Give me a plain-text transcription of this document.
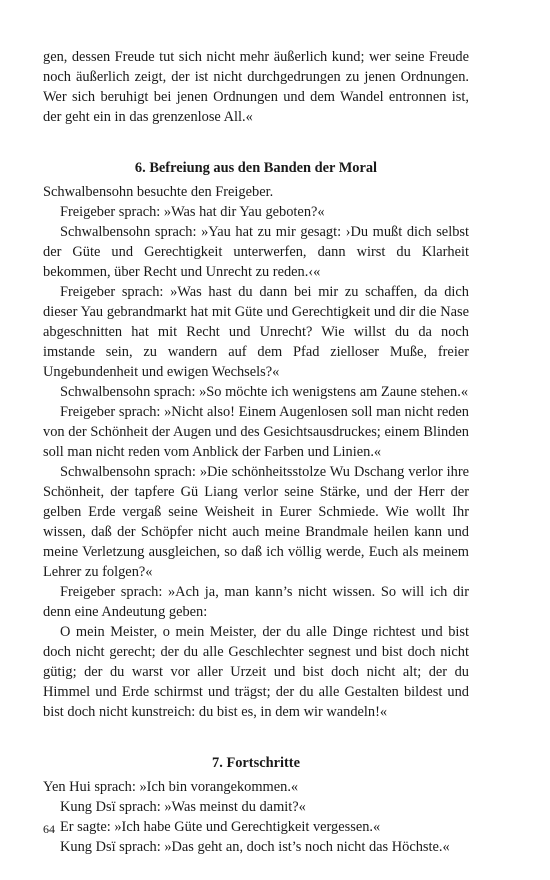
gen, dessen Freude tut sich nicht mehr äußerlich kund; wer seine Freude noch äußerlich zeigt, der ist nicht durchgedrungen zu jenen Ordnungen. Wer sich beruhigt bei jenen Ordnungen und dem Wandel entronnen ist, der geht ein in das grenzenlose All.«

6. Befreiung aus den Banden der Moral

Schwalbensohn besuchte den Freigeber.

Freigeber sprach: »Was hat dir Yau geboten?«

Schwalbensohn sprach: »Yau hat zu mir gesagt: ›Du mußt dich selbst der Güte und Gerechtigkeit unterwerfen, dann wirst du Klarheit bekommen, über Recht und Unrecht zu reden.‹«

Freigeber sprach: »Was hast du dann bei mir zu schaffen, da dich dieser Yau gebrandmarkt hat mit Güte und Gerechtigkeit und dir die Nase abgeschnitten hat mit Recht und Unrecht? Wie willst du da noch imstande sein, zu wandern auf dem Pfad zielloser Muße, freier Ungebundenheit und ewigen Wechsels?«

Schwalbensohn sprach: »So möchte ich wenigstens am Zaune stehen.«

Freigeber sprach: »Nicht also! Einem Augenlosen soll man nicht reden von der Schönheit der Augen und des Gesichtsausdruckes; einem Blinden soll man nicht reden vom Anblick der Farben und Linien.«

Schwalbensohn sprach: »Die schönheitsstolze Wu Dschang verlor ihre Schönheit, der tapfere Gü Liang verlor seine Stärke, und der Herr der gelben Erde vergaß seine Weisheit in Eurer Schmiede. Wie wollt Ihr wissen, daß der Schöpfer nicht auch meine Brandmale heilen kann und meine Verletzung ausgleichen, so daß ich völlig werde, Euch als meinem Lehrer zu folgen?«

Freigeber sprach: »Ach ja, man kann’s nicht wissen. So will ich dir denn eine Andeutung geben:

O mein Meister, o mein Meister, der du alle Dinge richtest und bist doch nicht gerecht; der du alle Geschlechter segnest und bist doch nicht gütig; der du warst vor aller Urzeit und bist doch nicht alt; der du Himmel und Erde schirmst und trägst; der du alle Gestalten bildest und bist doch nicht kunstreich: du bist es, in dem wir wandeln!«

7. Fortschritte

Yen Hui sprach: »Ich bin vorangekommen.«

Kung Dsï sprach: »Was meinst du damit?«

Er sagte: »Ich habe Güte und Gerechtigkeit vergessen.«

Kung Dsï sprach: »Das geht an, doch ist’s noch nicht das Höchste.«

64
